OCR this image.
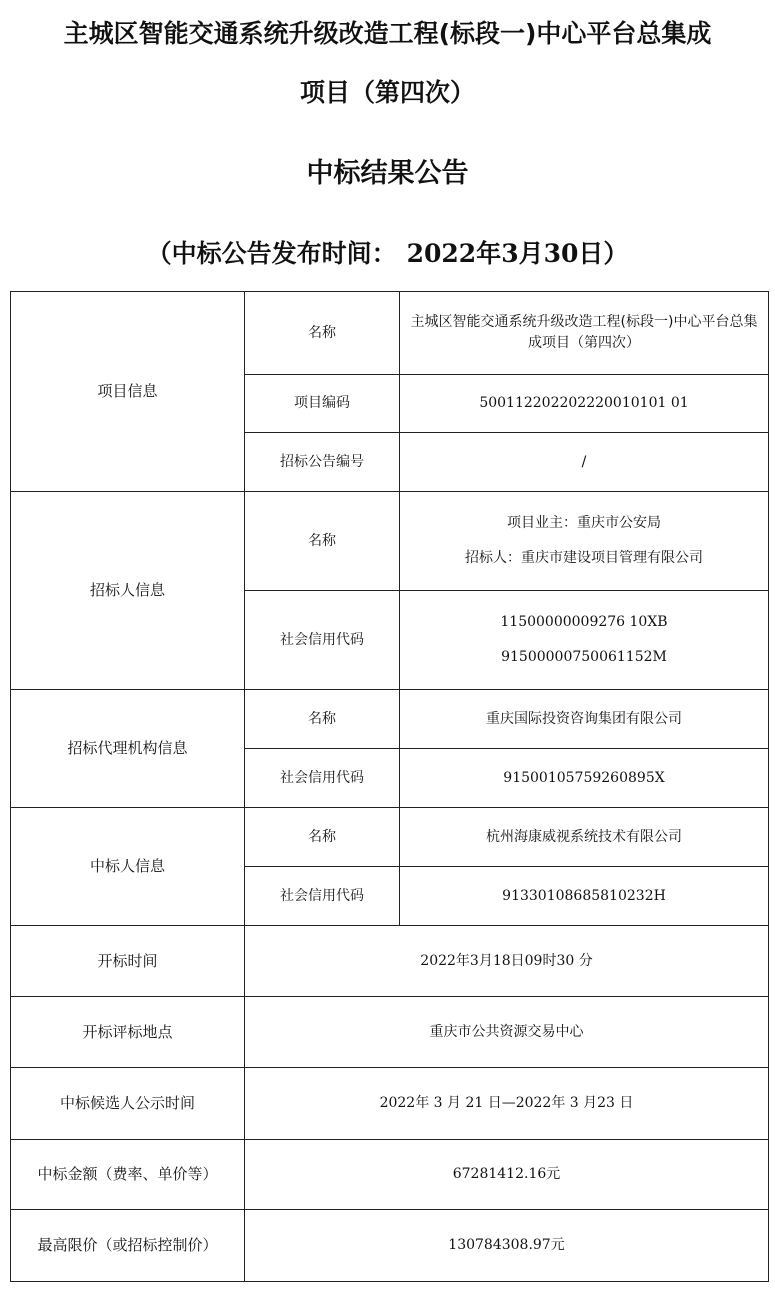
主城区智能交通系统升级改造工程(标段一)中心平台总集成
项目（第四次）
中标结果公告
（中标公告发布时间： 2022年3月30日）
项目信息	名称	主城区智能交通系统升级改造工程(标段一)中心平台总集成项目（第四次）
	项目编码	500112202202220010101 01
	招标公告编号	/
招标人信息	名称	项目业主：重庆市公安局
招标人：重庆市建设项目管理有限公司

	社会信用代码	11500000009276 10XB
91500000750061152M

招标代理机构信息	名称	重庆国际投资咨询集团有限公司
	社会信用代码	91500105759260895X
中标人信息	名称	杭州海康威视系统技术有限公司
	社会信用代码	91330108685810232H
开标时间	2022年3月18日09时30 分	
开标评标地点	重庆市公共资源交易中心	
中标候选人公示时间	2022年 3 月 21 日—2022年 3 月23 日	
中标金额（费率、单价等）	67281412.16元	
最高限价（或招标控制价）	130784308.97元	
